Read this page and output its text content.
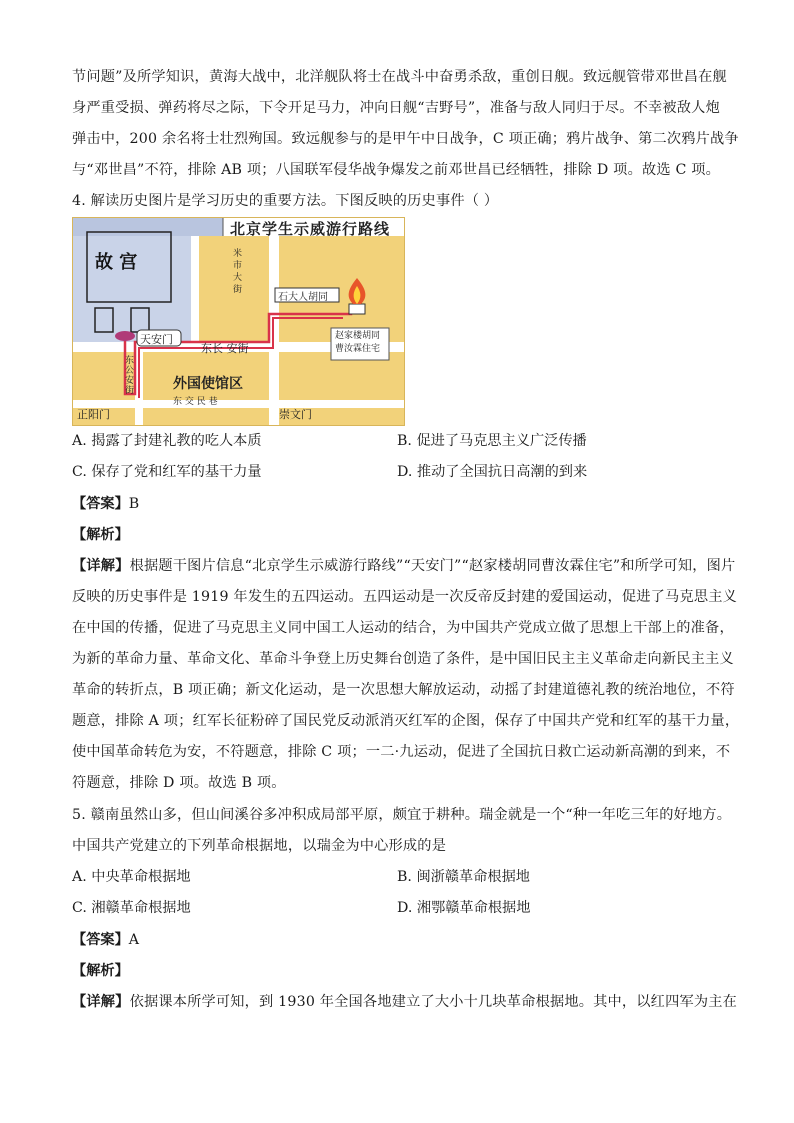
节问题”及所学知识，黄海大战中，北洋舰队将士在战斗中奋勇杀敌，重创日舰。致远舰管带邓世昌在舰
身严重受损、弹药将尽之际，下令开足马力，冲向日舰“吉野号”，准备与敌人同归于尽。不幸被敌人炮
弹击中，200 余名将士壮烈殉国。致远舰参与的是甲午中日战争，C 项正确；鸦片战争、第二次鸦片战争
与“邓世昌”不符，排除 AB 项；八国联军侵华战争爆发之前邓世昌已经牺牲，排除 D 项。故选 C 项。
4. 解读历史图片是学习历史的重要方法。下图反映的历史事件（ ）
北京学生示威游行路线
故 宫
天安门
东长 安街
东
公
安
街	外国使馆区
东 交 民 巷
米
市
大
街
石大人胡同
赵家楼胡同
曹汝霖住宅
正阳门	崇文门
A. 揭露了封建礼教的吃人本质	B. 促进了马克思主义广泛传播
C. 保存了党和红军的基干力量	D. 推动了全国抗日高潮的到来
【答案】B
【解析】
【详解】根据题干图片信息“北京学生示威游行路线”“天安门”“赵家楼胡同曹汝霖住宅”和所学可知，图片
反映的历史事件是 1919 年发生的五四运动。五四运动是一次反帝反封建的爱国运动，促进了马克思主义
在中国的传播，促进了马克思主义同中国工人运动的结合，为中国共产党成立做了思想上干部上的准备，
为新的革命力量、革命文化、革命斗争登上历史舞台创造了条件，是中国旧民主主义革命走向新民主主义
革命的转折点，B 项正确；新文化运动，是一次思想大解放运动，动摇了封建道德礼教的统治地位，不符
题意，排除 A 项；红军长征粉碎了国民党反动派消灭红军的企图，保存了中国共产党和红军的基干力量，
使中国革命转危为安，不符题意，排除 C 项；一二·九运动，促进了全国抗日救亡运动新高潮的到来，不
符题意，排除 D 项。故选 B 项。
5. 赣南虽然山多，但山间溪谷多冲积成局部平原，颇宜于耕种。瑞金就是一个“种一年吃三年的好地方。
中国共产党建立的下列革命根据地，以瑞金为中心形成的是
A. 中央革命根据地	B. 闽浙赣革命根据地
C. 湘赣革命根据地	D. 湘鄂赣革命根据地
【答案】A
【解析】
【详解】依据课本所学可知，到 1930 年全国各地建立了大小十几块革命根据地。其中，以红四军为主在
